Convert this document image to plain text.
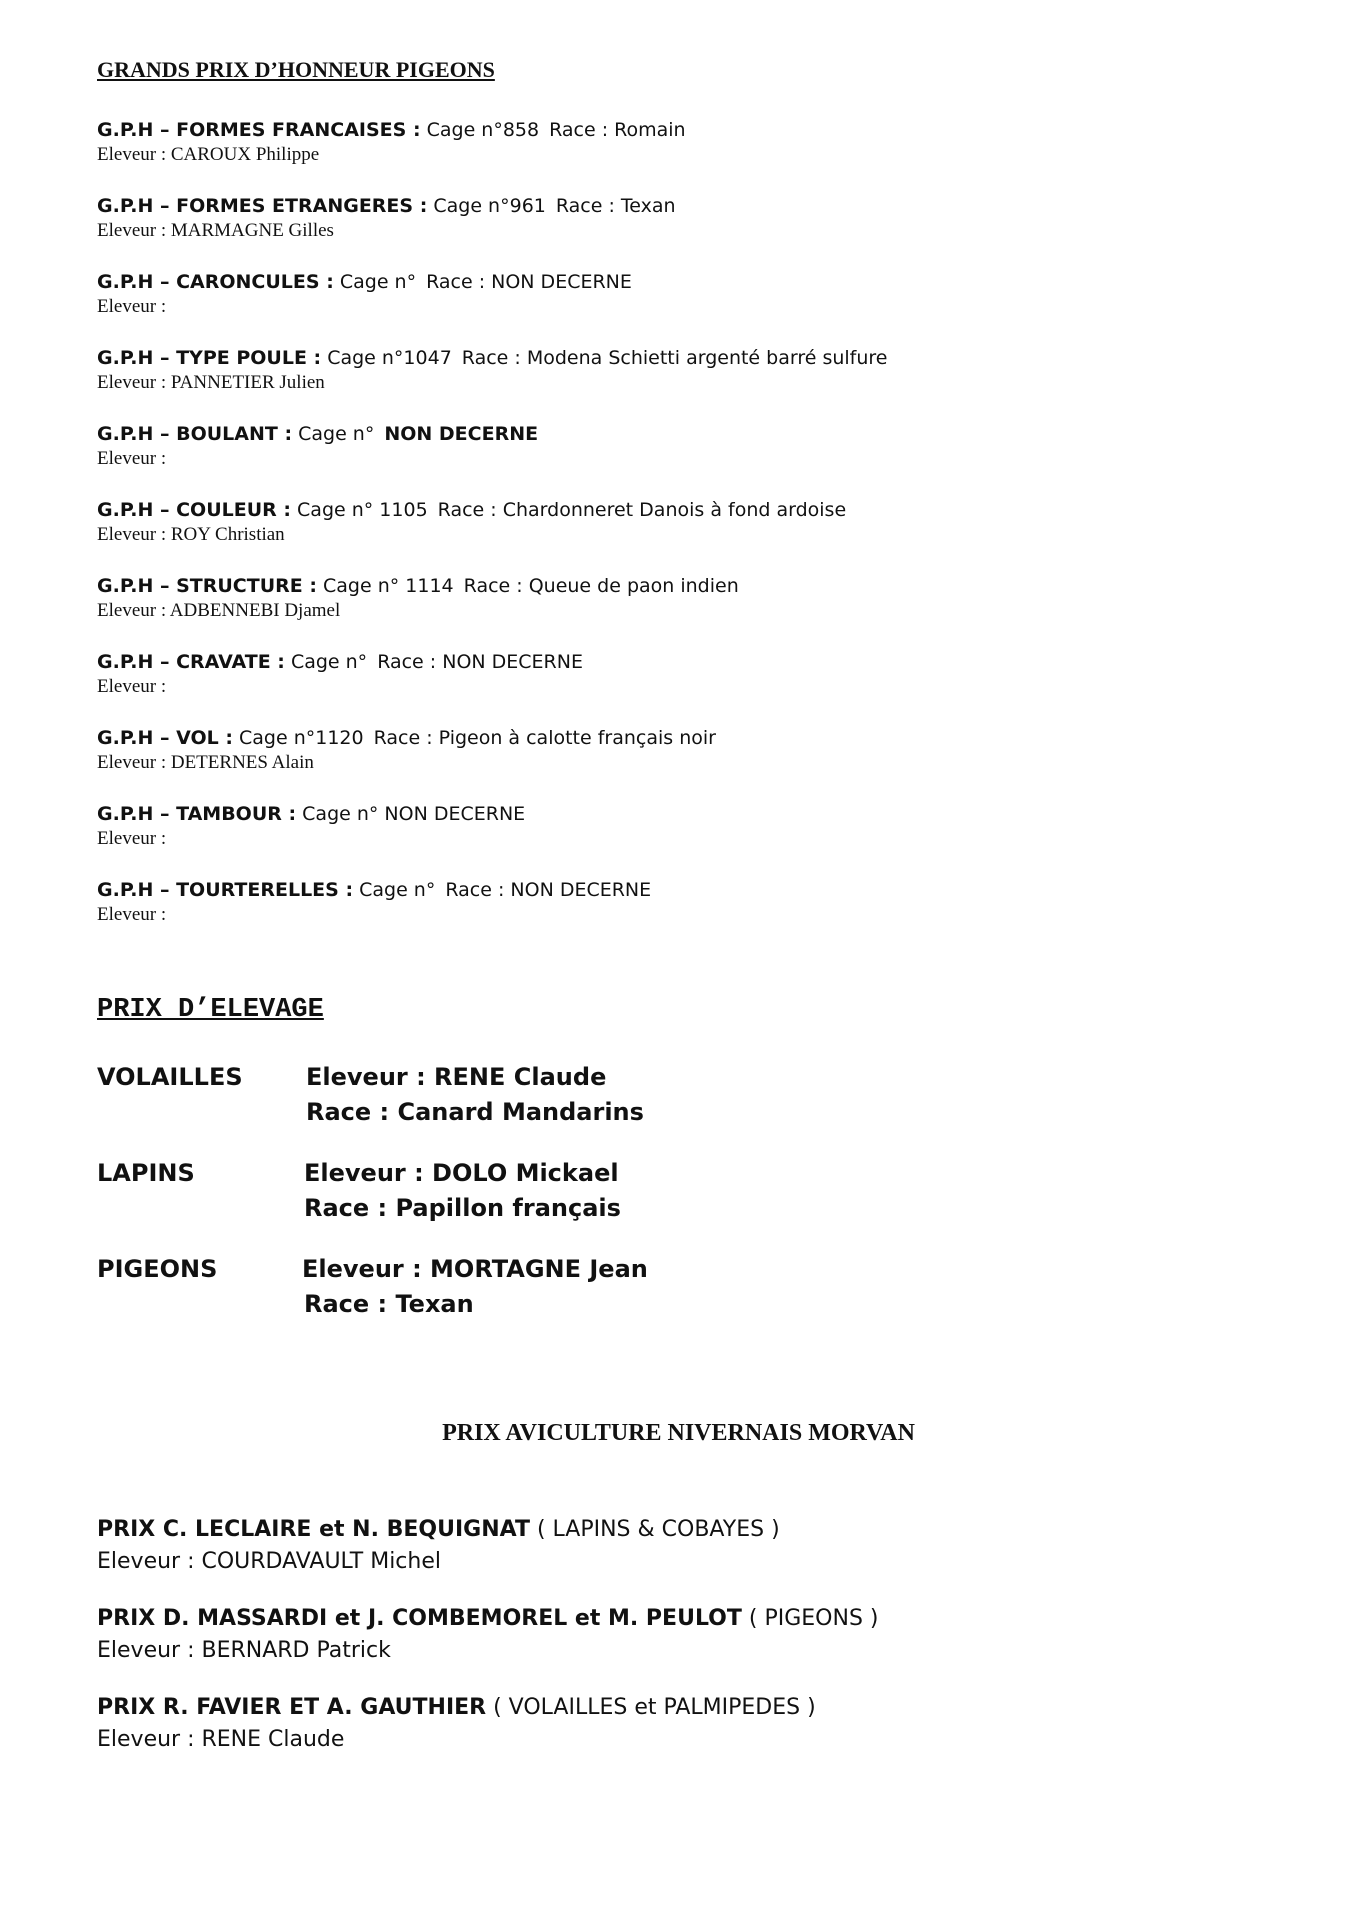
GRANDS PRIX D’HONNEUR PIGEONS
G.P.H – FORMES FRANCAISES : Cage n°858 Race : Romain
Eleveur : CAROUX Philippe
G.P.H – FORMES ETRANGERES : Cage n°961 Race : Texan
Eleveur : MARMAGNE Gilles
G.P.H – CARONCULES : Cage n° Race : NON DECERNE
Eleveur :
G.P.H – TYPE POULE : Cage n°1047 Race : Modena Schietti argenté barré sulfure
Eleveur : PANNETIER Julien
G.P.H – BOULANT : Cage n° NON DECERNE
Eleveur :
G.P.H – COULEUR : Cage n° 1105 Race : Chardonneret Danois à fond ardoise
Eleveur : ROY Christian
G.P.H – STRUCTURE : Cage n° 1114 Race : Queue de paon indien
Eleveur : ADBENNEBI Djamel
G.P.H – CRAVATE : Cage n° Race : NON DECERNE
Eleveur :
G.P.H – VOL : Cage n°1120 Race : Pigeon à calotte français noir
Eleveur : DETERNES Alain
G.P.H – TAMBOUR : Cage n° NON DECERNE
Eleveur :
G.P.H – TOURTERELLES : Cage n° Race : NON DECERNE
Eleveur :
PRIX D’ELEVAGE
VOLAILLES	Eleveur : RENE Claude
Race : Canard Mandarins
LAPINS	Eleveur : DOLO Mickael
Race : Papillon français
PIGEONS	Eleveur : MORTAGNE Jean
Race : Texan
PRIX AVICULTURE NIVERNAIS MORVAN
PRIX C. LECLAIRE et N. BEQUIGNAT ( LAPINS & COBAYES )
Eleveur : COURDAVAULT Michel
PRIX D. MASSARDI et J. COMBEMOREL et M. PEULOT ( PIGEONS )
Eleveur : BERNARD Patrick
PRIX R. FAVIER ET A. GAUTHIER ( VOLAILLES et PALMIPEDES )
Eleveur : RENE Claude
